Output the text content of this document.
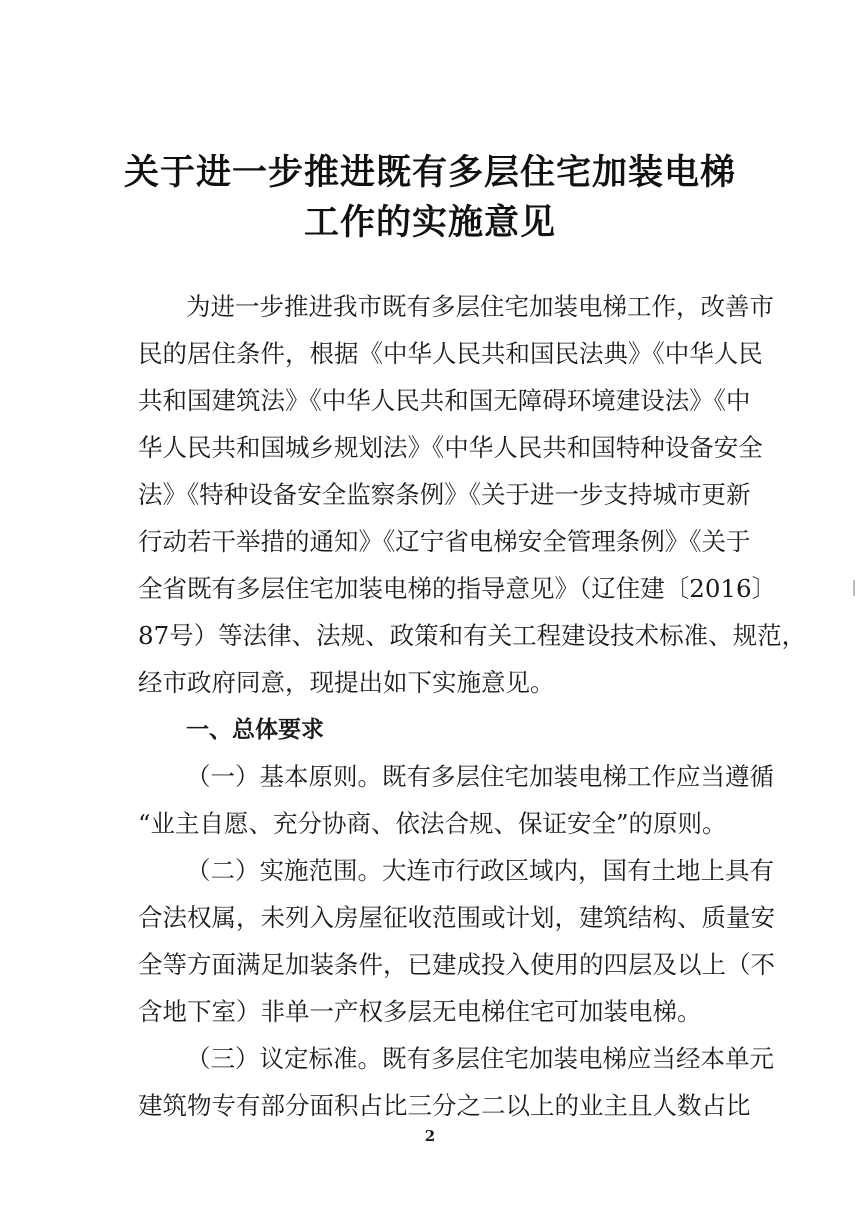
关于进一步推进既有多层住宅加装电梯
工作的实施意见
为进一步推进我市既有多层住宅加装电梯工作，改善市
民的居住条件，根据《中华人民共和国民法典》《中华人民
共和国建筑法》《中华人民共和国无障碍环境建设法》《中
华人民共和国城乡规划法》《中华人民共和国特种设备安全
法》《特种设备安全监察条例》《关于进一步支持城市更新
行动若干举措的通知》《辽宁省电梯安全管理条例》《关于
全省既有多层住宅加装电梯的指导意见》（辽住建〔2016〕
87号）等法律、法规、政策和有关工程建设技术标准、规范，
经市政府同意，现提出如下实施意见。
一、总体要求
（一）基本原则。既有多层住宅加装电梯工作应当遵循
“业主自愿、充分协商、依法合规、保证安全”的原则。
（二）实施范围。大连市行政区域内，国有土地上具有
合法权属，未列入房屋征收范围或计划，建筑结构、质量安
全等方面满足加装条件，已建成投入使用的四层及以上（不
含地下室）非单一产权多层无电梯住宅可加装电梯。
（三）议定标准。既有多层住宅加装电梯应当经本单元
建筑物专有部分面积占比三分之二以上的业主且人数占比
2
